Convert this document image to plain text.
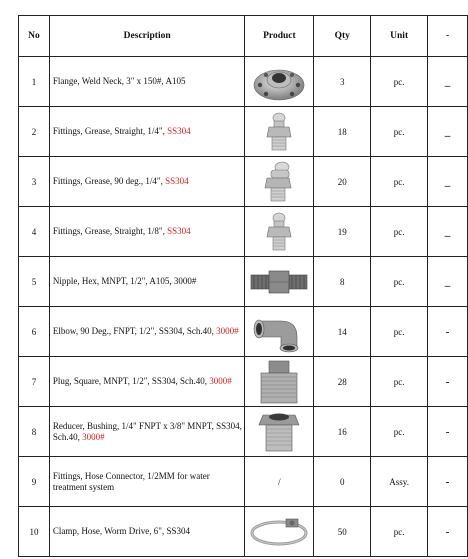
No	Description	Product	Qty	Unit	-
1	Flange, Weld Neck, 3" x 150#, A105		3	pc.	_
2	Fittings, Grease, Straight, 1/4", SS304		18	pc.	_
3	Fittings, Grease, 90 deg., 1/4", SS304		20	pc.	_
4	Fittings, Grease, Straight, 1/8", SS304		19	pc.	_
5	Nipple, Hex, MNPT, 1/2", A105, 3000#		8	pc.	_
6	Elbow, 90 Deg., FNPT, 1/2", SS304, Sch.40, 3000#		14	pc.	-
7	Plug, Square, MNPT, 1/2", SS304, Sch.40, 3000#		28	pc.	-
8	Reducer, Bushing, 1/4" FNPT x 3/8" MNPT, SS304, Sch.40, 3000#		16	pc.	-
9	Fittings, Hose Connector, 1/2MM for water treatment system	/	0	Assy.	-
10	Clamp, Hose, Worm Drive, 6", SS304		50	pc.	-
